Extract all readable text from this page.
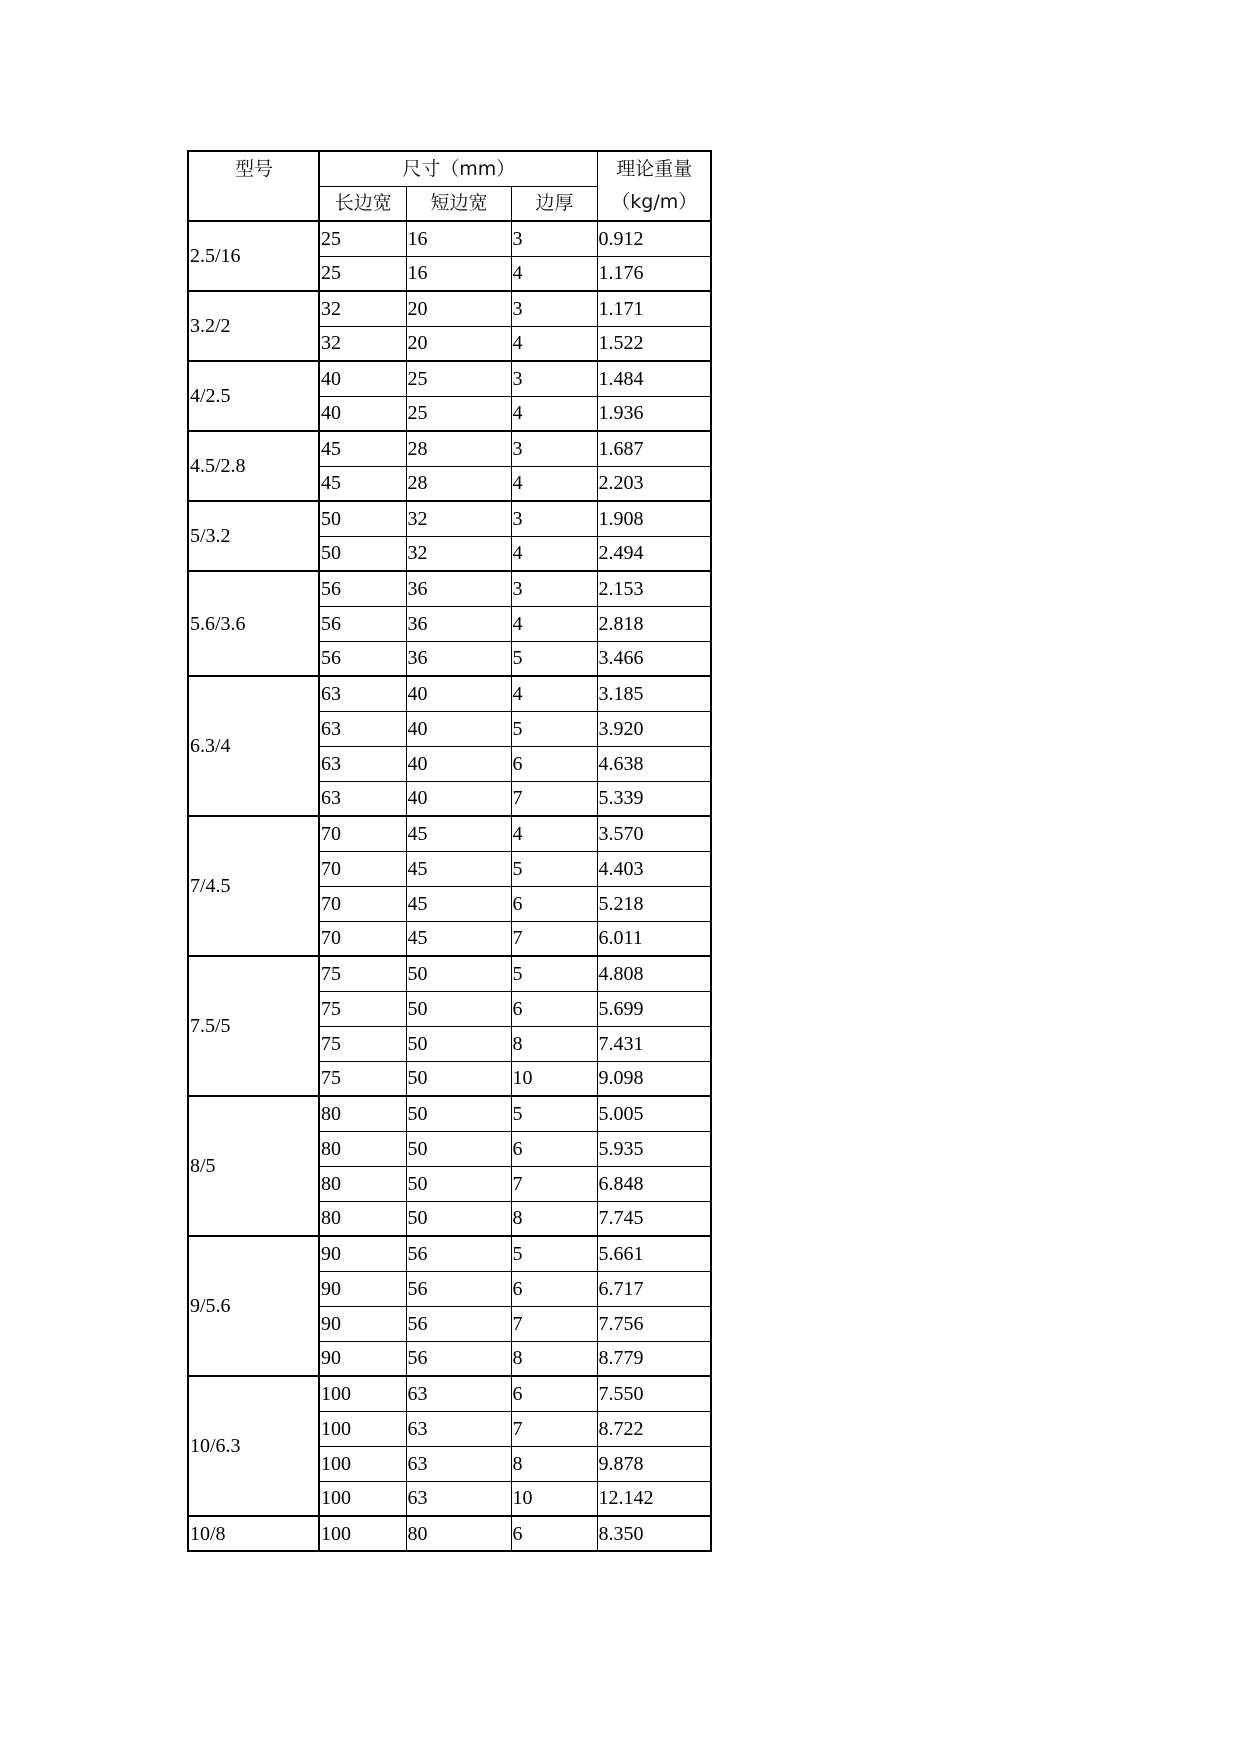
型号	尺寸（mm）			理论重量
（kg/m）
	长边宽	短边宽	边厚	
2.5/16	25	16	3	0.912
	25	16	4	1.176
3.2/2	32	20	3	1.171
	32	20	4	1.522
4/2.5	40	25	3	1.484
	40	25	4	1.936
4.5/2.8	45	28	3	1.687
	45	28	4	2.203
5/3.2	50	32	3	1.908
	50	32	4	2.494
5.6/3.6	56	36	3	2.153
	56	36	4	2.818
	56	36	5	3.466
6.3/4	63	40	4	3.185
	63	40	5	3.920
	63	40	6	4.638
	63	40	7	5.339
7/4.5	70	45	4	3.570
	70	45	5	4.403
	70	45	6	5.218
	70	45	7	6.011
7.5/5	75	50	5	4.808
	75	50	6	5.699
	75	50	8	7.431
	75	50	10	9.098
8/5	80	50	5	5.005
	80	50	6	5.935
	80	50	7	6.848
	80	50	8	7.745
9/5.6	90	56	5	5.661
	90	56	6	6.717
	90	56	7	7.756
	90	56	8	8.779
10/6.3	100	63	6	7.550
	100	63	7	8.722
	100	63	8	9.878
	100	63	10	12.142
10/8	100	80	6	8.350
